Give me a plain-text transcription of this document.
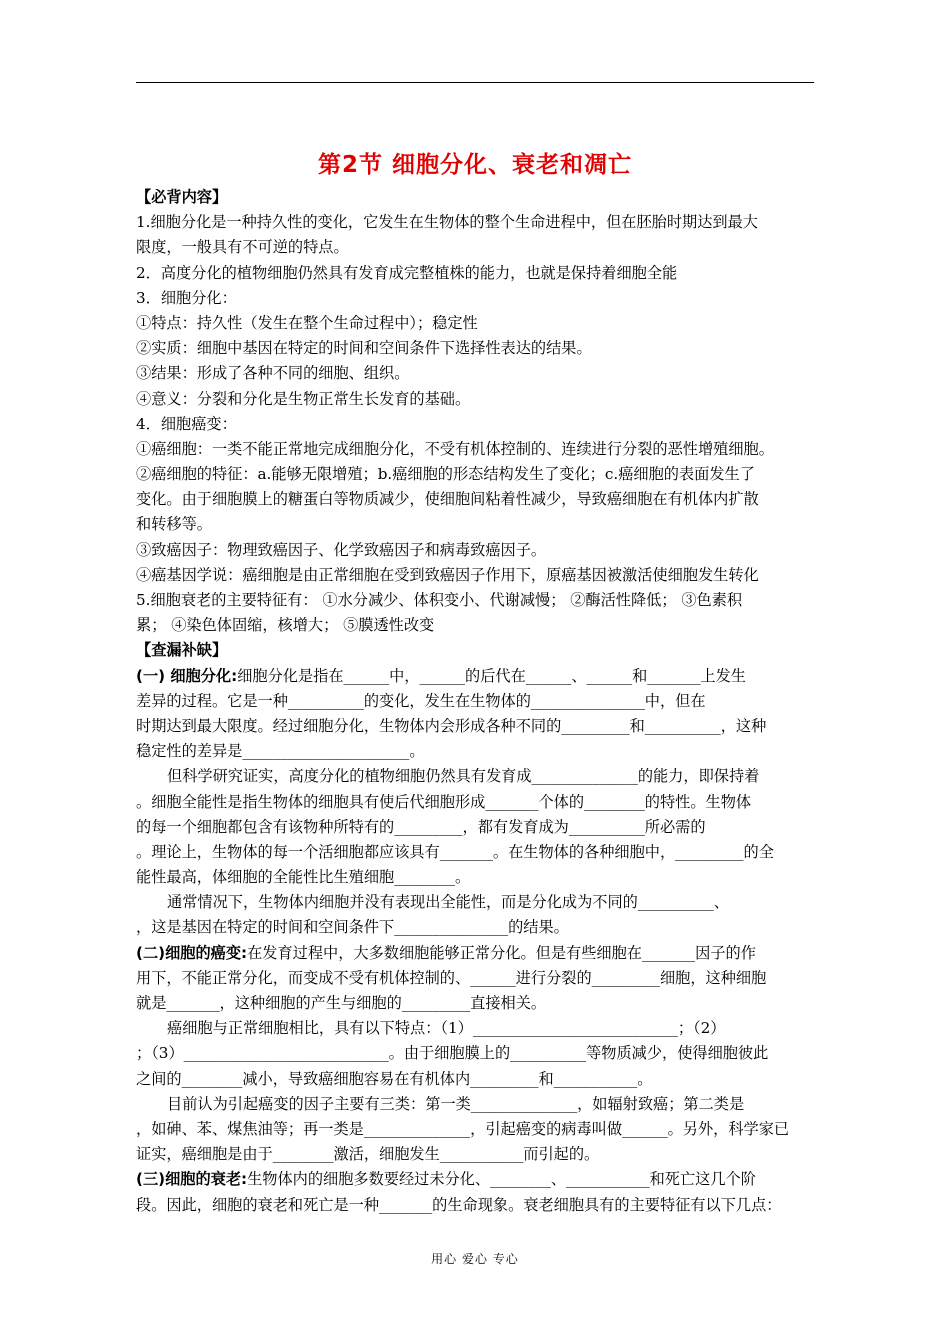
第2节 细胞分化、衰老和凋亡
【必背内容】
1.细胞分化是一种持久性的变化，它发生在生物体的整个生命进程中，但在胚胎时期达到最大
限度，一般具有不可逆的特点。
2．高度分化的植物细胞仍然具有发育成完整植株的能力，也就是保持着细胞全能
3．细胞分化：
①特点：持久性（发生在整个生命过程中）；稳定性
②实质：细胞中基因在特定的时间和空间条件下选择性表达的结果。
③结果：形成了各种不同的细胞、组织。
④意义：分裂和分化是生物正常生长发育的基础。
4．细胞癌变：
①癌细胞：一类不能正常地完成细胞分化，不受有机体控制的、连续进行分裂的恶性增殖细胞。
②癌细胞的特征：a.能够无限增殖；b.癌细胞的形态结构发生了变化；c.癌细胞的表面发生了
变化。由于细胞膜上的糖蛋白等物质减少，使细胞间粘着性减少，导致癌细胞在有机体内扩散
和转移等。
③致癌因子：物理致癌因子、化学致癌因子和病毒致癌因子。
④癌基因学说：癌细胞是由正常细胞在受到致癌因子作用下，原癌基因被激活使细胞发生转化
5.细胞衰老的主要特征有： ①水分减少、体积变小、代谢减慢； ②酶活性降低； ③色素积
累； ④染色体固缩，核增大； ⑤膜透性改变
【查漏补缺】
(一) 细胞分化:细胞分化是指在______中，______的后代在______、______和_______上发生
差异的过程。它是一种__________的变化，发生在生物体的_______________中，但在
时期达到最大限度。经过细胞分化，生物体内会形成各种不同的_________和__________，这种
稳定性的差异是______________________。
但科学研究证实，高度分化的植物细胞仍然具有发育成______________的能力，即保持着
。细胞全能性是指生物体的细胞具有使后代细胞形成_______个体的________的特性。生物体
的每一个细胞都包含有该物种所特有的_________，都有发育成为__________所必需的
。理论上，生物体的每一个活细胞都应该具有_______。在生物体的各种细胞中，_________的全
能性最高，体细胞的全能性比生殖细胞________。
通常情况下，生物体内细胞并没有表现出全能性，而是分化成为不同的__________、
，这是基因在特定的时间和空间条件下_______________的结果。
(二)细胞的癌变:在发育过程中，大多数细胞能够正常分化。但是有些细胞在_______因子的作
用下，不能正常分化，而变成不受有机体控制的、______进行分裂的_________细胞，这种细胞
就是_______，这种细胞的产生与细胞的_________直接相关。
癌细胞与正常细胞相比，具有以下特点：（1）___________________________；（2）
；（3）___________________________。由于细胞膜上的__________等物质减少，使得细胞彼此
之间的________减小，导致癌细胞容易在有机体内_________和___________。
目前认为引起癌变的因子主要有三类：第一类______________，如辐射致癌；第二类是
，如砷、苯、煤焦油等；再一类是______________，引起癌变的病毒叫做______。另外，科学家已
证实，癌细胞是由于________激活，细胞发生___________而引起的。
(三)细胞的衰老:生物体内的细胞多数要经过未分化、________、___________和死亡这几个阶
段。因此，细胞的衰老和死亡是一种_______的生命现象。衰老细胞具有的主要特征有以下几点：
用心 爱心 专心
